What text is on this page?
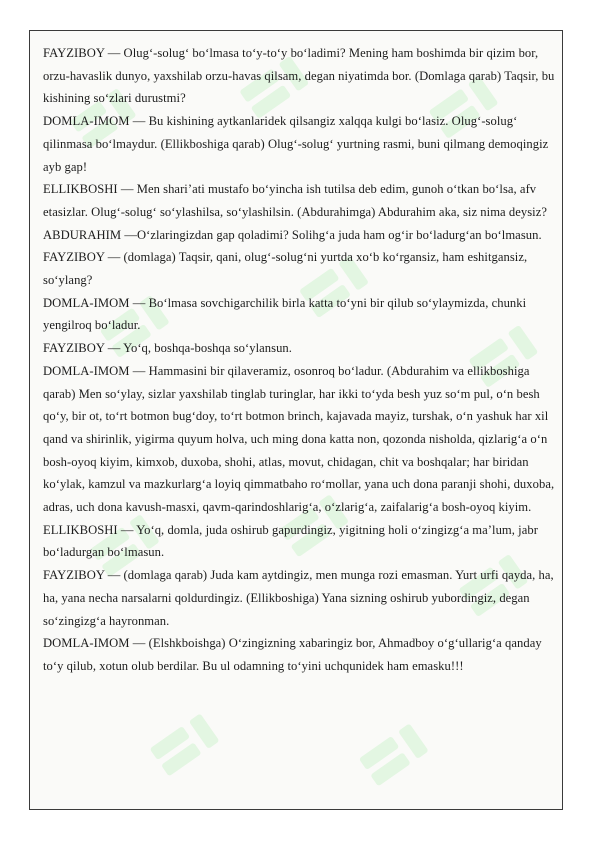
FAYZIBOY — Olug‘-solug‘ bo‘lmasa to‘y-to‘y bo‘ladimi? Mening ham boshimda bir qizim bor, orzu-havaslik dunyo, yaxshilab orzu-havas qilsam, degan niyatimda bor. (Domlaga qarab) Taqsir, bu kishining so‘zlari durustmi?

DOMLA-IMOM — Bu kishining aytkanlaridek qilsangiz xalqqa kulgi bo‘lasiz. Olug‘-solug‘ qilinmasa bo‘lmaydur. (Ellikboshiga qarab) Olug‘-solug‘ yurtning rasmi, buni qilmang demoqingiz ayb gap!

ELLIKBOSHI — Men shari’ati mustafo bo‘yincha ish tutilsa deb edim, gunoh o‘tkan bo‘lsa, afv etasizlar. Olug‘-solug‘ so‘ylashilsa, so‘ylashilsin. (Abdurahimga) Abdurahim aka, siz nima deysiz?

ABDURAHIM —O‘zlaringizdan gap qoladimi? Solihg‘a juda ham og‘ir bo‘ladurg‘an bo‘lmasun.

FAYZIBOY — (domlaga) Taqsir, qani, olug‘-solug‘ni yurtda xo‘b ko‘rgansiz, ham eshitgansiz, so‘ylang?

DOMLA-IMOM — Bo‘lmasa sovchigarchilik birla katta to‘yni bir qilub so‘ylaymizda, chunki yengilroq bo‘ladur.

FAYZIBOY — Yo‘q, boshqa-boshqa so‘ylansun.

DOMLA-IMOM — Hammasini bir qilaveramiz, osonroq bo‘ladur. (Abdurahim va ellikboshiga qarab) Men so‘ylay, sizlar yaxshilab tinglab turinglar, har ikki to‘yda besh yuz so‘m pul, o‘n besh qo‘y, bir ot, to‘rt botmon bug‘doy, to‘rt botmon brinch, kajavada mayiz, turshak, o‘n yashuk har xil qand va shirinlik, yigirma quyum holva, uch ming dona katta non, qozonda nisholda, qizlarig‘a o‘n bosh-oyoq kiyim, kimxob, duxoba, shohi, atlas, movut, chidagan, chit va boshqalar; har biridan ko‘ylak, kamzul va mazkurlarg‘a loyiq qimmatbaho ro‘mollar, yana uch dona paranji shohi, duxoba, adras, uch dona kavush-masxi, qavm-qarindoshlarig‘a, o‘zlarig‘a, zaifalarig‘a bosh-oyoq kiyim.

ELLIKBOSHI — Yo‘q, domla, juda oshirub gapurdingiz, yigitning holi o‘zingizg‘a ma’lum, jabr bo‘ladurgan bo‘lmasun.

FAYZIBOY — (domlaga qarab) Juda kam aytdingiz, men munga rozi emasman. Yurt urfi qayda, ha, ha, yana necha narsalarni qoldurdingiz. (Ellikboshiga) Yana sizning oshirub yubordingiz, degan so‘zingizg‘a hayronman.

DOMLA-IMOM — (Elshkboishga) O‘zingizning xabaringiz bor, Ahmadboy o‘g‘ullarig‘a qanday to‘y qilub, xotun olub berdilar. Bu ul odamning to‘yini uchqunidek ham emasku!!!
